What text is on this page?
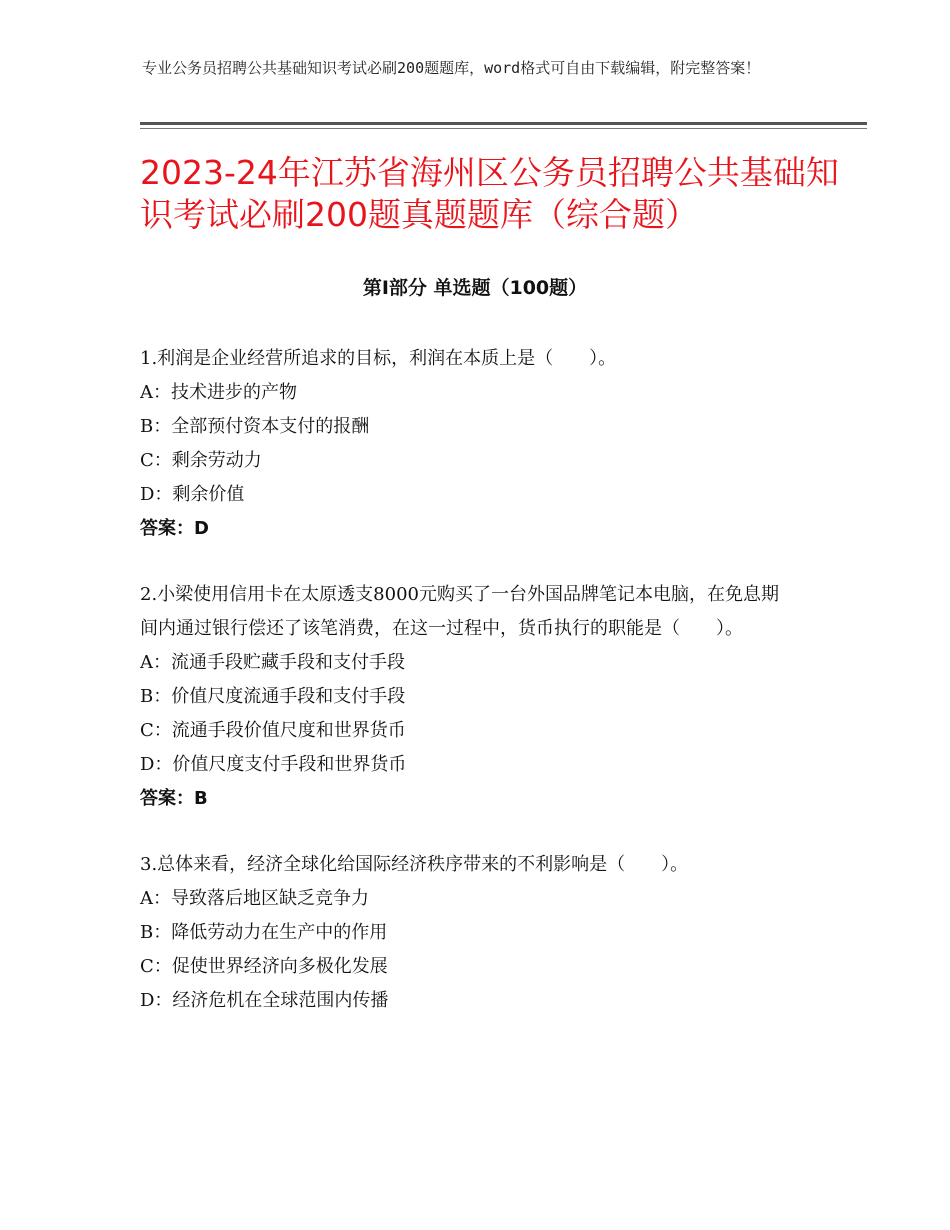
专业公务员招聘公共基础知识考试必刷200题题库，word格式可自由下载编辑，附完整答案！
2023-24年江苏省海州区公务员招聘公共基础知识考试必刷200题真题题库（综合题）
第Ⅰ部分 单选题（100题）

1.利润是企业经营所追求的目标，利润在本质上是（　　）。

A：技术进步的产物

B：全部预付资本支付的报酬

C：剩余劳动力

D：剩余价值

答案：D

2.小梁使用信用卡在太原透支8000元购买了一台外国品牌笔记本电脑，在免息期间内通过银行偿还了该笔消费，在这一过程中，货币执行的职能是（　　）。

A：流通手段贮藏手段和支付手段

B：价值尺度流通手段和支付手段

C：流通手段价值尺度和世界货币

D：价值尺度支付手段和世界货币

答案：B

3.总体来看，经济全球化给国际经济秩序带来的不利影响是（　　）。

A：导致落后地区缺乏竞争力

B：降低劳动力在生产中的作用

C：促使世界经济向多极化发展

D：经济危机在全球范围内传播
